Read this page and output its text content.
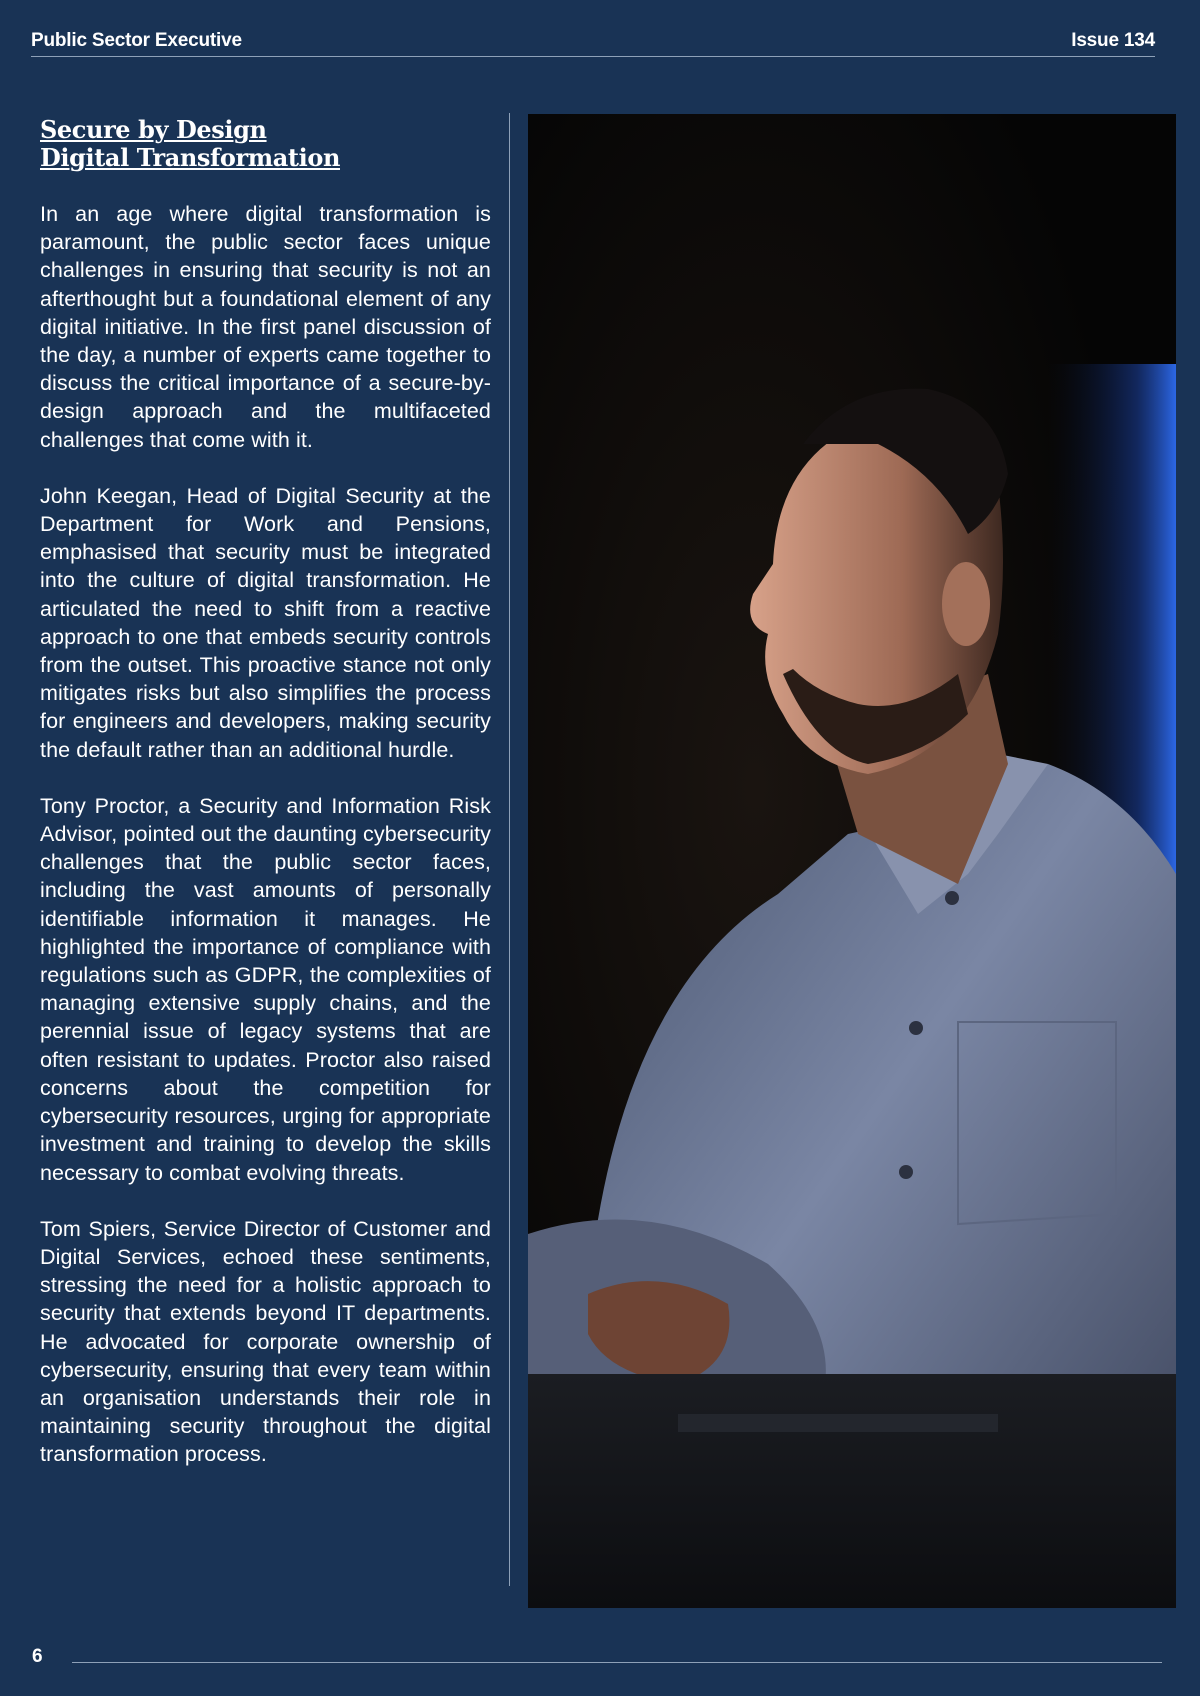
Public Sector Executive	Issue 134
Secure by Design Digital Transformation

In an age where digital transformation is paramount, the public sector faces unique challenges in ensuring that security is not an afterthought but a foundational element of any digital initiative. In the first panel discussion of the day, a number of experts came together to discuss the critical importance of a secure-by-design approach and the multifaceted challenges that come with it.

John Keegan, Head of Digital Security at the Department for Work and Pensions, emphasised that security must be integrated into the culture of digital transformation. He articulated the need to shift from a reactive approach to one that embeds security controls from the outset. This proactive stance not only mitigates risks but also simplifies the process for engineers and developers, making security the default rather than an additional hurdle.

Tony Proctor, a Security and Information Risk Advisor, pointed out the daunting cybersecurity challenges that the public sector faces, including the vast amounts of personally identifiable information it manages. He highlighted the importance of compliance with regulations such as GDPR, the complexities of managing extensive supply chains, and the perennial issue of legacy systems that are often resistant to updates. Proctor also raised concerns about the competition for cybersecurity resources, urging for appropriate investment and training to develop the skills necessary to combat evolving threats.

Tom Spiers, Service Director of Customer and Digital Services, echoed these sentiments, stressing the need for a holistic approach to security that extends beyond IT departments. He advocated for corporate ownership of cybersecurity, ensuring that every team within an organisation understands their role in maintaining security throughout the digital transformation process.

6
